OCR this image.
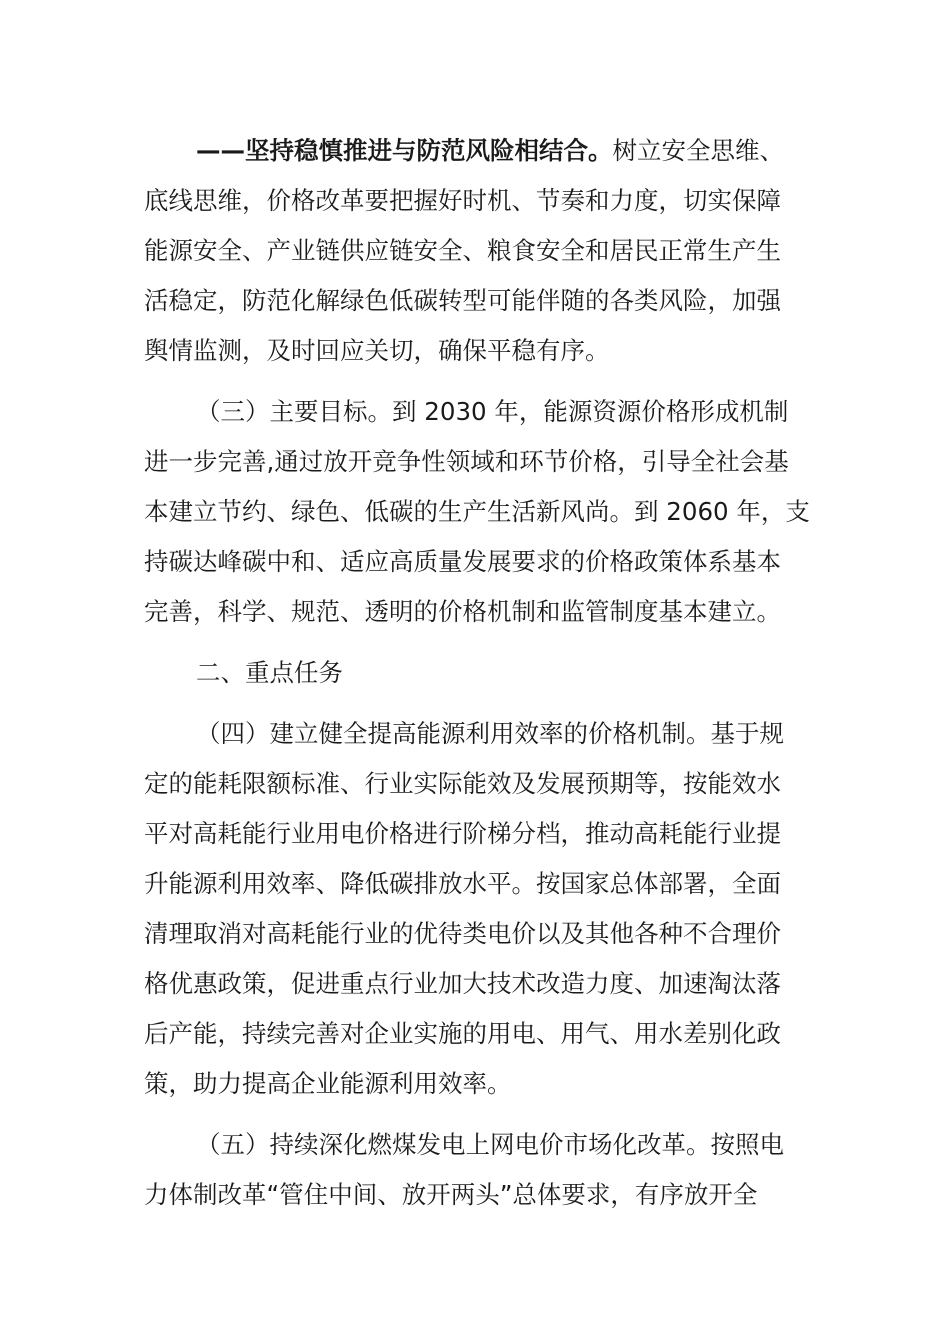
——坚持稳慎推进与防范风险相结合。树立安全思维、
底线思维，价格改革要把握好时机、节奏和力度，切实保障
能源安全、产业链供应链安全、粮食安全和居民正常生产生
活稳定，防范化解绿色低碳转型可能伴随的各类风险，加强
舆情监测，及时回应关切，确保平稳有序。
（三）主要目标。到 2030 年，能源资源价格形成机制
进一步完善,通过放开竞争性领域和环节价格，引导全社会基
本建立节约、绿色、低碳的生产生活新风尚。到 2060 年，支
持碳达峰碳中和、适应高质量发展要求的价格政策体系基本
完善，科学、规范、透明的价格机制和监管制度基本建立。
二、重点任务
（四）建立健全提高能源利用效率的价格机制。基于规
定的能耗限额标准、行业实际能效及发展预期等，按能效水
平对高耗能行业用电价格进行阶梯分档，推动高耗能行业提
升能源利用效率、降低碳排放水平。按国家总体部署，全面
清理取消对高耗能行业的优待类电价以及其他各种不合理价
格优惠政策，促进重点行业加大技术改造力度、加速淘汰落
后产能，持续完善对企业实施的用电、用气、用水差别化政
策，助力提高企业能源利用效率。
（五）持续深化燃煤发电上网电价市场化改革。按照电
力体制改革“管住中间、放开两头”总体要求，有序放开全
